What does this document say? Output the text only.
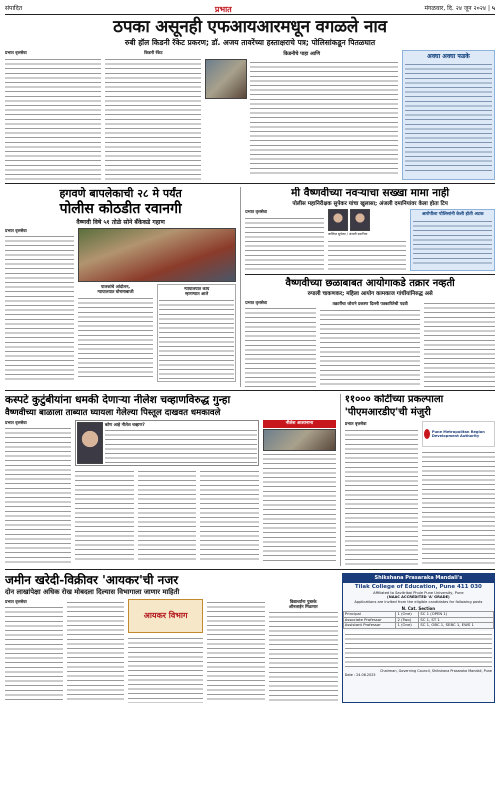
संपादित	प्रभात	मंगळवार, दि. २४ जून २०२४ | ५
ठपका असूनही एफआयआरमधून वगळले नाव
रुबी हॉल किडनी रॅकेट प्रकरण; डॉ. अजय तावरेंच्या हस्ताक्षराचे पत्र; पोलिसांकडून पितळघात
प्रभात वृत्तसेवा	किडनी रॅकेट	किडनीचे पाहा आणि	अवघा अवघा फडके
हगवणे बापलेकाची २८ मे पर्यंत
पोलीस कोठडीत रवानगी
वैष्णवी विषे ५१ तोळे सोने बँकेकडे गहाण
प्रभात वृत्तसेवा
पालकांचे आंदोलन,
न्यायालयात घोषणाबाजी
न्यायालयात काय
म्हणण्यात आले
मी वैष्णवीच्या नवऱ्याचा सख्खा मामा नाही
पोलीस महानिरीक्षक सुपेकर यांचा खुलासा; अंजली दमानियांवर केला होता टिप
प्रभात वृत्तसेवा
जालिंदर सुपेकर / अंजली दमानिया
आरोपीला पोलिसांनी केली होती अटक
वैष्णवीच्या छळाबाबत आयोगाकडे तक्रार नव्हती
रुपाली चाकणकर; महिला आयोग कामकाज गांधींयांनिरुद्ध असे
प्रभात वृत्तसेवा	तक्रारींचा जोराने प्रकरण दिल्ली पत्रकारितेची पदवी
कस्पटे कुटुंबीयांना धमकी देणाऱ्या नीलेश चव्हाणविरुद्ध गुन्हा
वैष्णवीच्या बाळाला ताब्यात घ्यायला गेलेल्या पिस्तूल दाखवत धमकावले
प्रभात वृत्तसेवा	कोण आहे नीलेश चव्हाण?	नीलेश आशानाना
११००० कोटींच्या प्रकल्पाला
'पीएमआरडीए'ची मंजुरी
प्रभात वृत्तसेवा
Pune Metropolitan Region Development Authority
जमीन खरेदी-विक्रीवर 'आयकर'ची नजर
दोन लाखांपेक्षा अधिक रोख मोबदला दिल्यास विभागाला जाणार माहिती
प्रभात वृत्तसेवा
आयकर विभाग
विद्यार्थ्यांना पुस्तके
ऑनलाईन मिळणार
Shikshana Prasaraka Mandali's
Tilak College of Education, Pune 411 030
Affiliated to Savitribai Phule Pune University, Pune
(NAAC ACCREDITED 'A' GRADE)
Applications are invited from the eligible candidates for following posts
N. Cat. Section
Principal	1 (One)	SC 1 (OPEN 1)
Associate Professor	2 (Two)	SC 1, ST 1
Assistant Professor	1 (One)	SC 1, OBC 1, SEBC 1, EWS 1
Chairman, Governing Council, Shikshana Prasaraka Mandali, Pune
Date : 24.06.2025
